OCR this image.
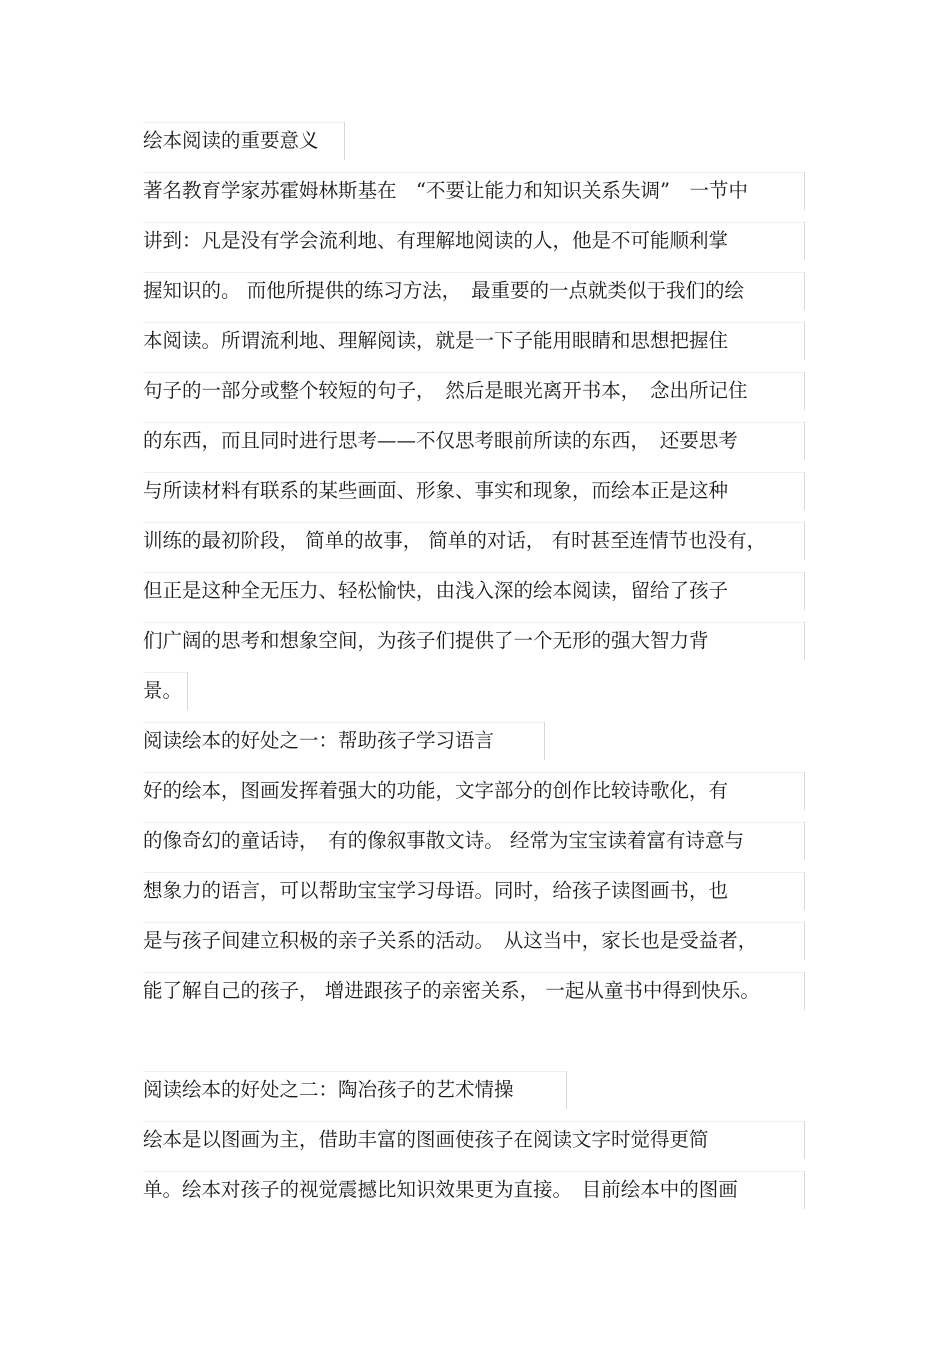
绘本阅读的重要意义
著名教育学家苏霍姆林斯基在　“不要让能力和知识关系失调”　一节中
讲到：凡是没有学会流利地、有理解地阅读的人，他是不可能顺利掌
握知识的。 而他所提供的练习方法，　最重要的一点就类似于我们的绘
本阅读。所谓流利地、理解阅读，就是一下子能用眼睛和思想把握住
句子的一部分或整个较短的句子，　然后是眼光离开书本，　念出所记住
的东西，而且同时进行思考——不仅思考眼前所读的东西，　还要思考
与所读材料有联系的某些画面、形象、事实和现象，而绘本正是这种
训练的最初阶段， 简单的故事， 简单的对话， 有时甚至连情节也没有，
但正是这种全无压力、轻松愉快，由浅入深的绘本阅读，留给了孩子
们广阔的思考和想象空间，为孩子们提供了一个无形的强大智力背
景。
阅读绘本的好处之一：帮助孩子学习语言
好的绘本，图画发挥着强大的功能，文字部分的创作比较诗歌化，有
的像奇幻的童话诗，　有的像叙事散文诗。 经常为宝宝读着富有诗意与
想象力的语言，可以帮助宝宝学习母语。同时，给孩子读图画书，也
是与孩子间建立积极的亲子关系的活动。　从这当中，家长也是受益者，
能了解自己的孩子， 增进跟孩子的亲密关系， 一起从童书中得到快乐。
阅读绘本的好处之二：陶冶孩子的艺术情操
绘本是以图画为主，借助丰富的图画使孩子在阅读文字时觉得更简
单。绘本对孩子的视觉震撼比知识效果更为直接。　目前绘本中的图画
